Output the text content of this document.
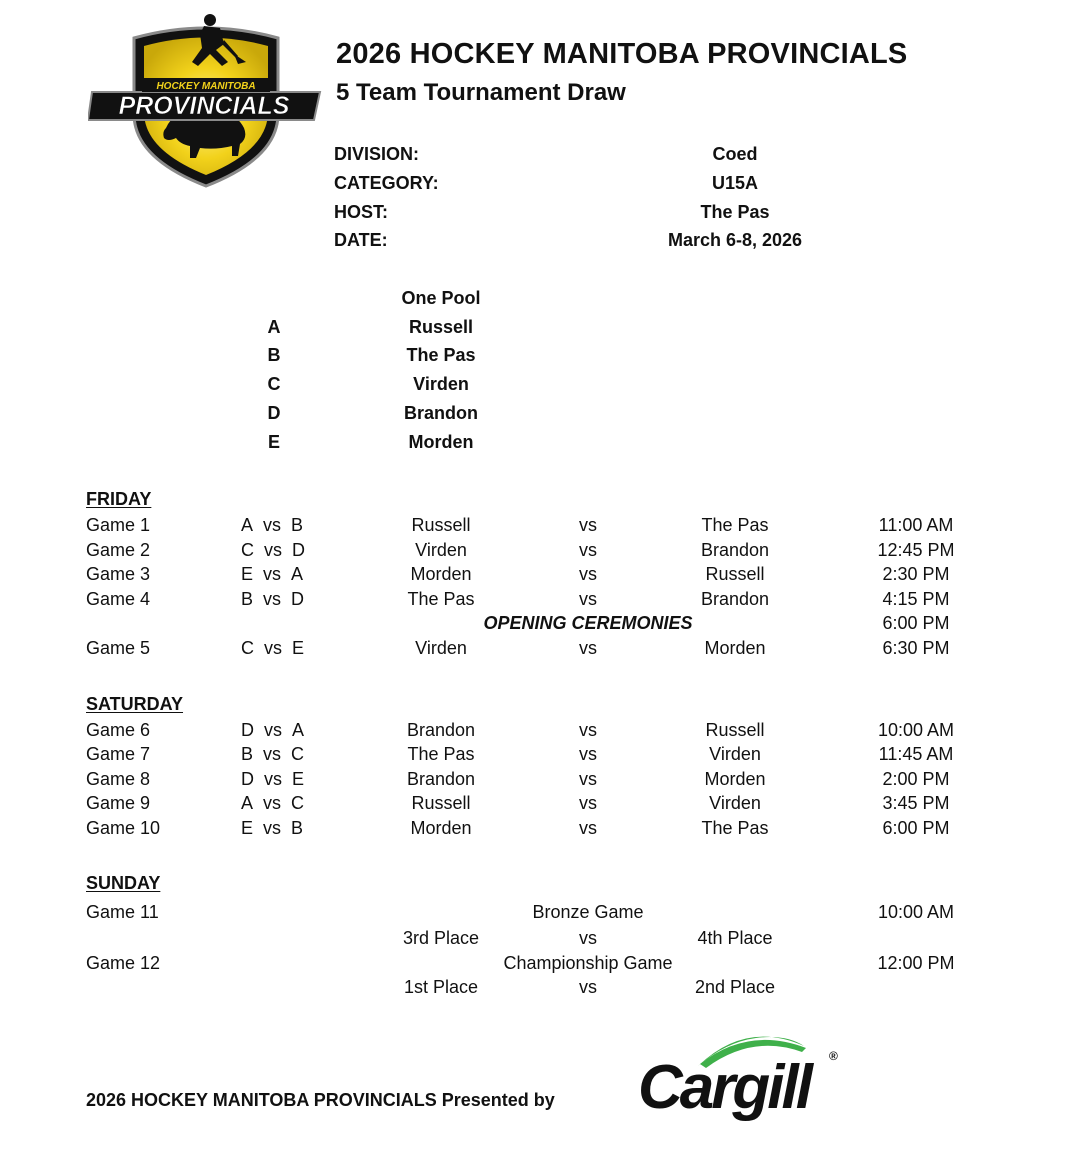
HOCKEY MANITOBA
PROVINCIALS
2026 HOCKEY MANITOBA PROVINCIALS
5 Team Tournament Draw
DIVISION:	Coed
CATEGORY:	U15A
HOST:	The Pas
DATE:	March 6-8, 2026
One Pool
A	Russell
B	The Pas
C	Virden
D	Brandon
E	Morden
FRIDAY
Game 1	A vs B	Russell	vs	The Pas	11:00 AM
Game 2	C vs D	Virden	vs	Brandon	12:45 PM
Game 3	E vs A	Morden	vs	Russell	2:30 PM
Game 4	B vs D	The Pas	vs	Brandon	4:15 PM
OPENING CEREMONIES	6:00 PM
Game 5	C vs E	Virden	vs	Morden	6:30 PM
SATURDAY
Game 6	D vs A	Brandon	vs	Russell	10:00 AM
Game 7	B vs C	The Pas	vs	Virden	11:45 AM
Game 8	D vs E	Brandon	vs	Morden	2:00 PM
Game 9	A vs C	Russell	vs	Virden	3:45 PM
Game 10	E vs B	Morden	vs	The Pas	6:00 PM
SUNDAY
Game 11	Bronze Game	10:00 AM
3rd Place	vs	4th Place
Game 12	Championship Game	12:00 PM
1st Place	vs	2nd Place
2026 HOCKEY MANITOBA PROVINCIALS Presented by Cargill	®
